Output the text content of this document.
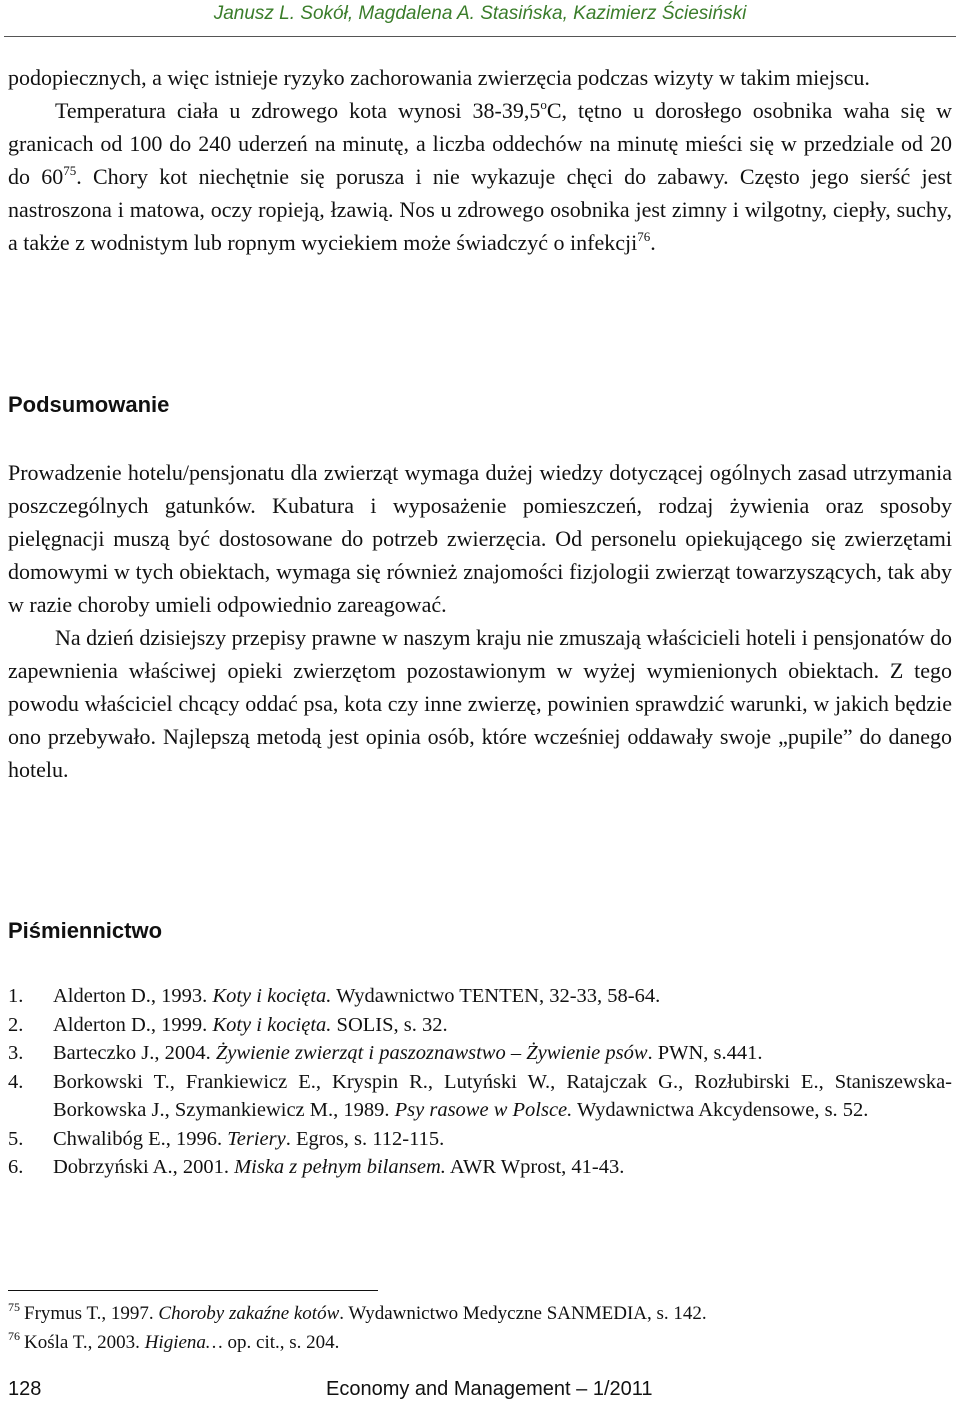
Janusz L. Sokół, Magdalena A. Stasińska, Kazimierz Ściesiński

podopiecznych, a więc istnieje ryzyko zachorowania zwierzęcia podczas wizyty w takim miejscu.

Temperatura ciała u zdrowego kota wynosi 38-39,5$^o$C, tętno u dorosłego osobnika waha się w granicach od 100 do 240 uderzeń na minutę, a liczba oddechów na minutę mieści się w przedziale od 20 do $60^{75}$. Chory kot niechętnie się porusza i nie wykazuje chęci do zabawy. Często jego sierść jest nastroszona i matowa, oczy ropieją, łzawią. Nos u zdrowego osobnika jest zimny i wilgotny, ciepły, suchy, a także z wodnistym lub ropnym wyciekiem może świadczyć o infekcji$^{76}$.

Podsumowanie

Prowadzenie hotelu/pensjonatu dla zwierząt wymaga dużej wiedzy dotyczącej ogólnych zasad utrzymania poszczególnych gatunków. Kubatura i wyposażenie pomieszczeń, rodzaj żywienia oraz sposoby pielęgnacji muszą być dostosowane do potrzeb zwierzęcia. Od personelu opiekującego się zwierzętami domowymi w tych obiektach, wymaga się również znajomości fizjologii zwierząt towarzyszących, tak aby w razie choroby umieli odpowiednio zareagować.

Na dzień dzisiejszy przepisy prawne w naszym kraju nie zmuszają właścicieli hoteli i pensjonatów do zapewnienia właściwej opieki zwierzętom pozostawionym w wyżej wymienionych obiektach. Z tego powodu właściciel chcący oddać psa, kota czy inne zwierzę, powinien sprawdzić warunki, w jakich będzie ono przebywało. Najlepszą metodą jest opinia osób, które wcześniej oddawały swoje „pupile” do danego hotelu.

Piśmiennictwo
1. Alderton D., 1993. Koty i kocięta. Wydawnictwo TENTEN, 32-33, 58-64.
2. Alderton D., 1999. Koty i kocięta. SOLIS, s. 32.
3. Barteczko J., 2004. Żywienie zwierząt i paszoznawstwo – Żywienie psów. PWN, s.441.
4. Borkowski T., Frankiewicz E., Kryspin R., Lutyński W., Ratajczak G., Rozłubirski E., Staniszewska- Borkowska J., Szymankiewicz M., 1989. Psy rasowe w Polsce. Wydawnictwa Akcydensowe, s. 52.
5. Chwalibóg E., 1996. Teriery. Egros, s. 112-115.
6. Dobrzyński A., 2001. Miska z pełnym bilansem. AWR Wprost, 41-43.
$^{75}$ Frymus T., 1997. Choroby zakaźne kotów. Wydawnictwo Medyczne SANMEDIA, s. 142.
$^{76}$ Kośla T., 2003. Higiena… op. cit., s. 204.
128	Economy and Management – 1/2011
